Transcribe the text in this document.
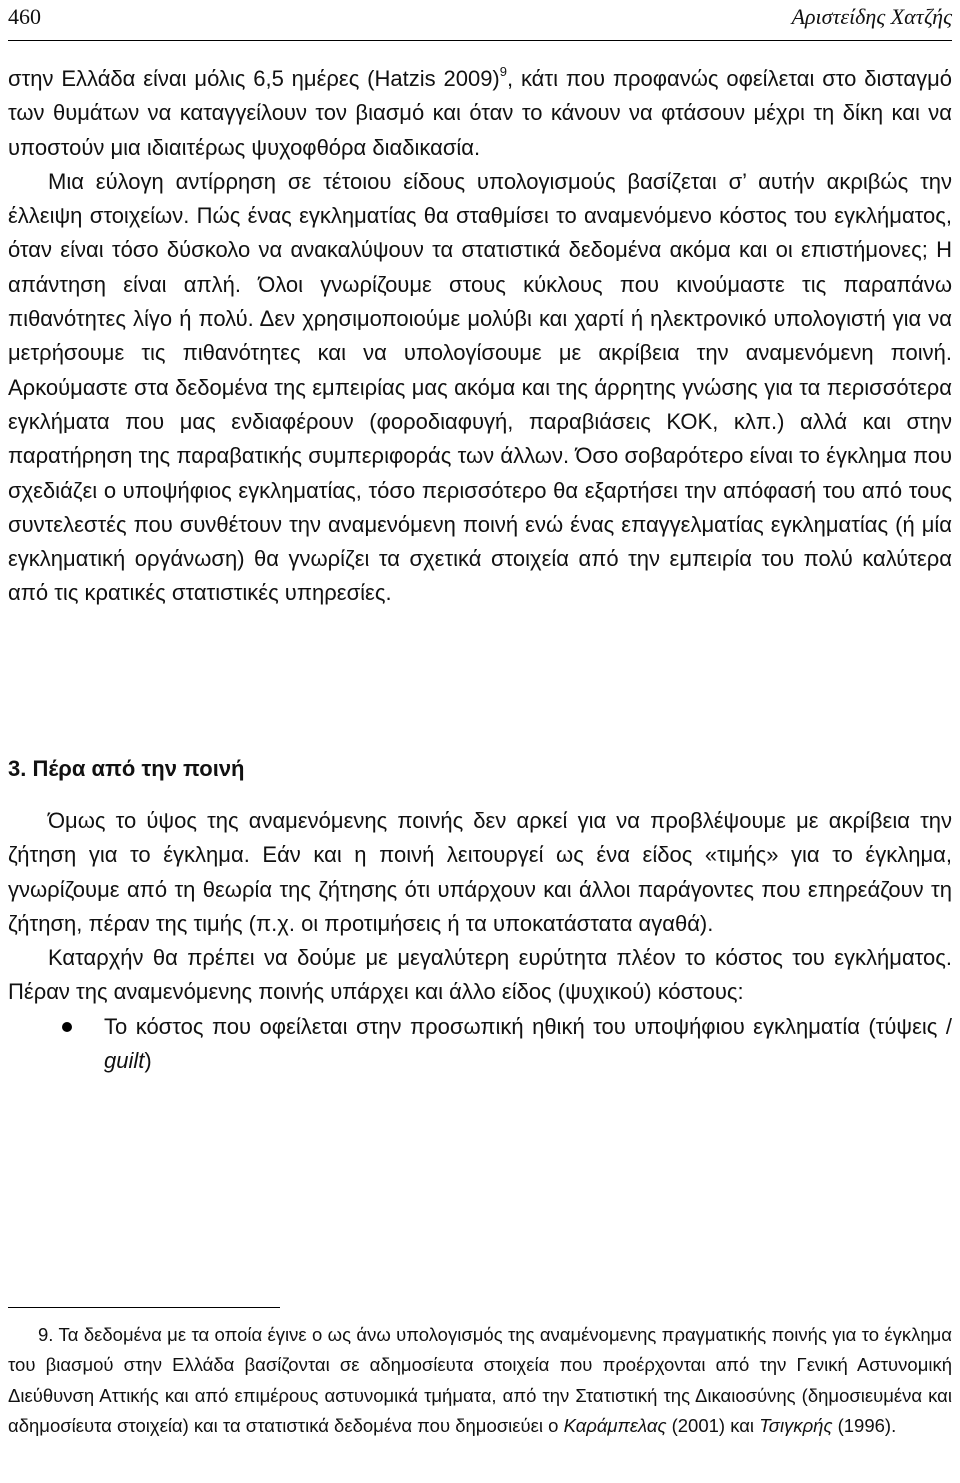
460	Αριστείδης Χατζής

στην Ελλάδα είναι μόλις 6,5 ημέρες (Hatzis 2009)$^9$, κάτι που προφανώς οφείλεται στο δισταγμό των θυμάτων να καταγγείλουν τον βιασμό και όταν το κάνουν να φτάσουν μέχρι τη δίκη και να υποστούν μια ιδιαιτέρως ψυχοφθόρα διαδικασία.

Μια εύλογη αντίρρηση σε τέτοιου είδους υπολογισμούς βασίζεται σ’ αυτήν ακριβώς την έλλειψη στοιχείων. Πώς ένας εγκληματίας θα σταθμίσει το αναμενόμενο κόστος του εγκλήματος, όταν είναι τόσο δύσκολο να ανακαλύψουν τα στατιστικά δεδομένα ακόμα και οι επιστήμονες; Η απάντηση είναι απλή. Όλοι γνωρίζουμε στους κύκλους που κινούμαστε τις παραπάνω πιθανότητες λίγο ή πολύ. Δεν χρησιμοποιούμε μολύβι και χαρτί ή ηλεκτρονικό υπολογιστή για να μετρήσουμε τις πιθανότητες και να υπολογίσουμε με ακρίβεια την αναμενόμενη ποινή. Αρκούμαστε στα δεδομένα της εμπειρίας μας ακόμα και της άρρητης γνώσης για τα περισσότερα εγκλήματα που μας ενδιαφέρουν (φοροδιαφυγή, παραβιάσεις ΚΟΚ, κλπ.) αλλά και στην παρατήρηση της παραβατικής συμπεριφοράς των άλλων. Όσο σοβαρότερο είναι το έγκλημα που σχεδιάζει ο υποψήφιος εγκληματίας, τόσο περισσότερο θα εξαρτήσει την απόφασή του από τους συντελεστές που συνθέτουν την αναμενόμενη ποινή ενώ ένας επαγγελματίας εγκληματίας (ή μία εγκληματική οργάνωση) θα γνωρίζει τα σχετικά στοιχεία από την εμπειρία του πολύ καλύτερα από τις κρατικές στατιστικές υπηρεσίες.

3. Πέρα από την ποινή

Όμως το ύψος της αναμενόμενης ποινής δεν αρκεί για να προβλέψουμε με ακρίβεια την ζήτηση για το έγκλημα. Εάν και η ποινή λειτουργεί ως ένα είδος «τιμής» για το έγκλημα, γνωρίζουμε από τη θεωρία της ζήτησης ότι υπάρχουν και άλλοι παράγοντες που επηρεάζουν τη ζήτηση, πέραν της τιμής (π.χ. οι προτιμήσεις ή τα υποκατάστατα αγαθά).

Καταρχήν θα πρέπει να δούμε με μεγαλύτερη ευρύτητα πλέον το κόστος του εγκλήματος. Πέραν της αναμενόμενης ποινής υπάρχει και άλλο είδος (ψυχικού) κόστους:

Το κόστος που οφείλεται στην προσωπική ηθική του υποψήφιου εγκληματία (τύψεις / guilt)

9. Τα δεδομένα με τα οποία έγινε ο ως άνω υπολογισμός της αναμένομενης πραγματικής ποινής για το έγκλημα του βιασμού στην Ελλάδα βασίζονται σε αδημοσίευτα στοιχεία που προέρχονται από την Γενική Αστυνομική Διεύθυνση Αττικής και από επιμέρους αστυνομικά τμήματα, από την Στατιστική της Δικαιοσύνης (δημοσιευμένα και αδημοσίευτα στοιχεία) και τα στατιστικά δεδομένα που δημοσιεύει ο Καράμπελας (2001) και Τσιγκρής (1996).
